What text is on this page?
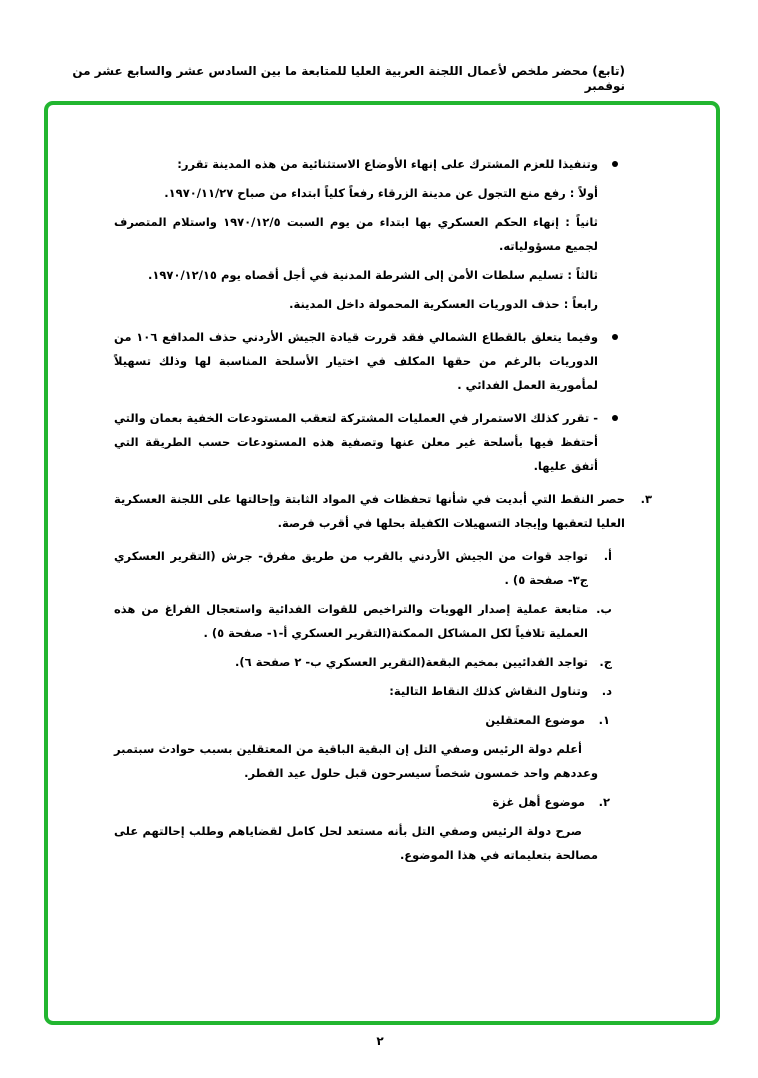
(تابع) محضر ملخص لأعمال اللجنة العربية العليا للمتابعة ما بين السادس عشر والسابع عشر من نوفمبر
وتنفيذا للعزم المشترك على إنهاء الأوضاع الاستثنائية من هذه المدينة تقرر:
أولاً : رفع منع التجول عن مدينة الزرقاء رفعاً كلياً ابتداء من صباح ١٩٧٠/١١/٢٧.
ثانياً : إنهاء الحكم العسكري بها ابتداء من يوم السبت ١٩٧٠/١٢/٥ واستلام المتصرف لجميع مسؤولياته.
ثالثاً : تسليم سلطات الأمن إلى الشرطة المدنية في أجل أقصاه يوم ١٩٧٠/١٢/١٥.
رابعاً : حذف الدوريات العسكرية المحمولة داخل المدينة.
وفيما يتعلق بالقطاع الشمالي فقد قررت قيادة الجيش الأردني حذف المدافع ١٠٦ من الدوريات بالرغم من حقها المكلف في اختيار الأسلحة المناسبة لها وذلك تسهيلاً لمأمورية العمل الفدائي .
- تقرر كذلك الاستمرار في العمليات المشتركة لتعقب المستودعات الخفية بعمان والتي أحتفظ فيها بأسلحة غير معلن عنها وتصفية هذه المستودعات حسب الطريقة التي أتفق عليها.
٣.
حصر النقط التي أبديت في شأنها تحفظات في المواد الثابتة وإحالتها على اللجنة العسكرية العليا لتعقبها وإيجاد التسهيلات الكفيلة بحلها في أقرب فرصة.
أ.
تواجد قوات من الجيش الأردني بالقرب من طريق مفرق- جرش (التقرير العسكري ج٣- صفحة ٥) .
ب.
متابعة عملية إصدار الهويات والتراخيص للقوات الفدائية واستعجال الفراغ من هذه العملية تلافياً لكل المشاكل الممكنة(التقرير العسكري أ-١- صفحة ٥) .
ج.
تواجد الفدائيين بمخيم البقعة(التقرير العسكري ب- ٢ صفحة ٦).
د.
وتناول النقاش كذلك النقاط التالية:
١.
موضوع المعتقلين
أعلم دولة الرئيس وصفي التل إن البقية الباقية من المعتقلين بسبب حوادث سبتمبر وعددهم واحد خمسون شخصاً سيسرحون قبل حلول عيد الفطر.
٢.
موضوع أهل غزة
صرح دولة الرئيس وصفي التل بأنه مستعد لحل كامل لقضاياهم وطلب إحالتهم على مصالحة بتعليماته في هذا الموضوع.
٢
